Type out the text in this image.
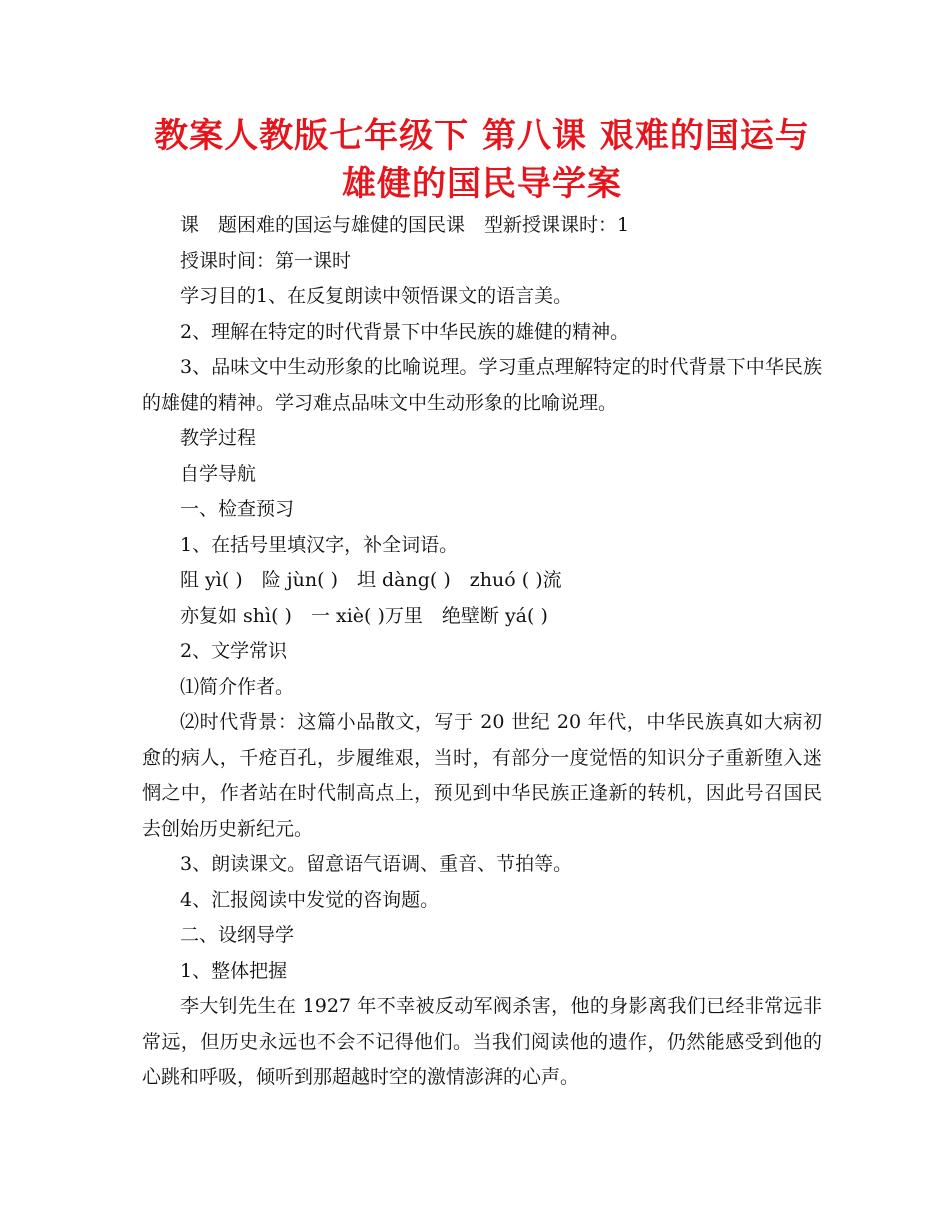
教案人教版七年级下 第八课 艰难的国运与
雄健的国民导学案

课　题困难的国运与雄健的国民课　型新授课课时：1

授课时间：第一课时

学习目的1、在反复朗读中领悟课文的语言美。

2、理解在特定的时代背景下中华民族的雄健的精神。

3、品味文中生动形象的比喻说理。学习重点理解特定的时代背景下中华民族的雄健的精神。学习难点品味文中生动形象的比喻说理。

教学过程

自学导航

一、检查预习

1、在括号里填汉字，补全词语。

阻 yì( )　险 jùn( )　坦 dàng( )　zhuó ( )流

亦复如 shì( )　一 xiè( )万里　绝壁断 yá( )

2、文学常识

⑴简介作者。

⑵时代背景：这篇小品散文，写于 20 世纪 20 年代，中华民族真如大病初愈的病人，千疮百孔，步履维艰，当时，有部分一度觉悟的知识分子重新堕入迷惘之中，作者站在时代制高点上，预见到中华民族正逢新的转机，因此号召国民去创始历史新纪元。

3、朗读课文。留意语气语调、重音、节拍等。

4、汇报阅读中发觉的咨询题。

二、设纲导学

1、整体把握

李大钊先生在 1927 年不幸被反动军阀杀害，他的身影离我们已经非常远非常远，但历史永远也不会不记得他们。当我们阅读他的遗作，仍然能感受到他的心跳和呼吸，倾听到那超越时空的激情澎湃的心声。
